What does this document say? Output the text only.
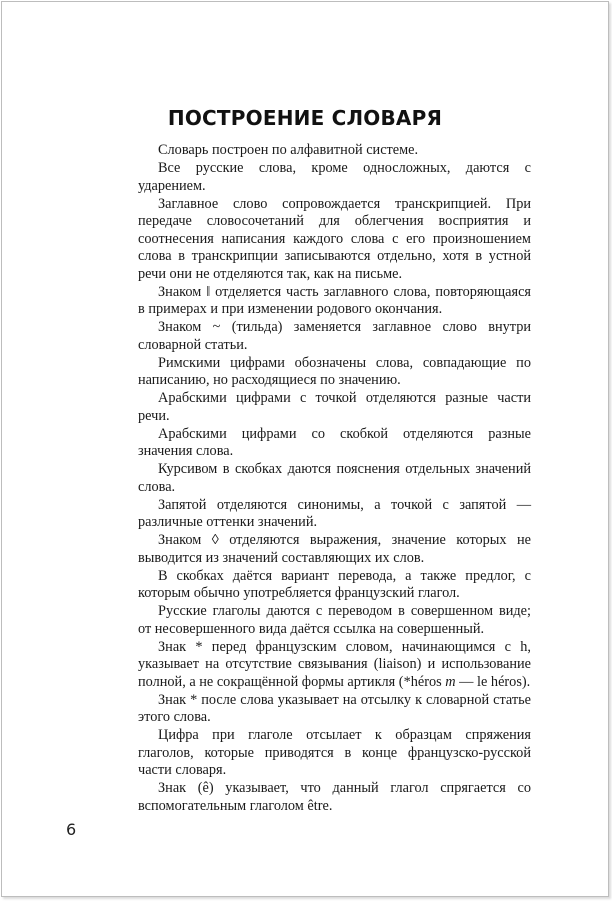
ПОСТРОЕНИЕ СЛОВАРЯ

Словарь построен по алфавитной системе.

Все русские слова, кроме односложных, даются с ударением.

Заглавное слово сопровождается транскрипцией. При передаче словосочетаний для облегчения восприятия и соотнесения написания каждого слова с его произношением слова в транскрипции записываются отдельно, хотя в устной речи они не отделяются так, как на письме.

Знаком ‖ отделяется часть заглавного слова, повторяющаяся в примерах и при изменении родового окончания.

Знаком ~ (тильда) заменяется заглавное слово внутри словарной статьи.

Римскими цифрами обозначены слова, совпадающие по написанию, но расходящиеся по значению.

Арабскими цифрами с точкой отделяются разные части речи.

Арабскими цифрами со скобкой отделяются разные значения слова.

Курсивом в скобках даются пояснения отдельных значений слова.

Запятой отделяются синонимы, а точкой с запятой — различные оттенки значений.

Знаком ◊ отделяются выражения, значение которых не выводится из значений составляющих их слов.

В скобках даётся вариант перевода, а также предлог, с которым обычно употребляется французский глагол.

Русские глаголы даются с переводом в совершенном виде; от несовершенного вида даётся ссылка на совершенный.

Знак * перед французским словом, начинающимся с h, указывает на отсутствие связывания (liaison) и использование полной, а не сокращённой формы артикля (*héros m — le héros).

Знак * после слова указывает на отсылку к словарной статье этого слова.

Цифра при глаголе отсылает к образцам спряжения глаголов, которые приводятся в конце французско-русской части словаря.

Знак (ê) указывает, что данный глагол спрягается со вспомогательным глаголом être.

6
